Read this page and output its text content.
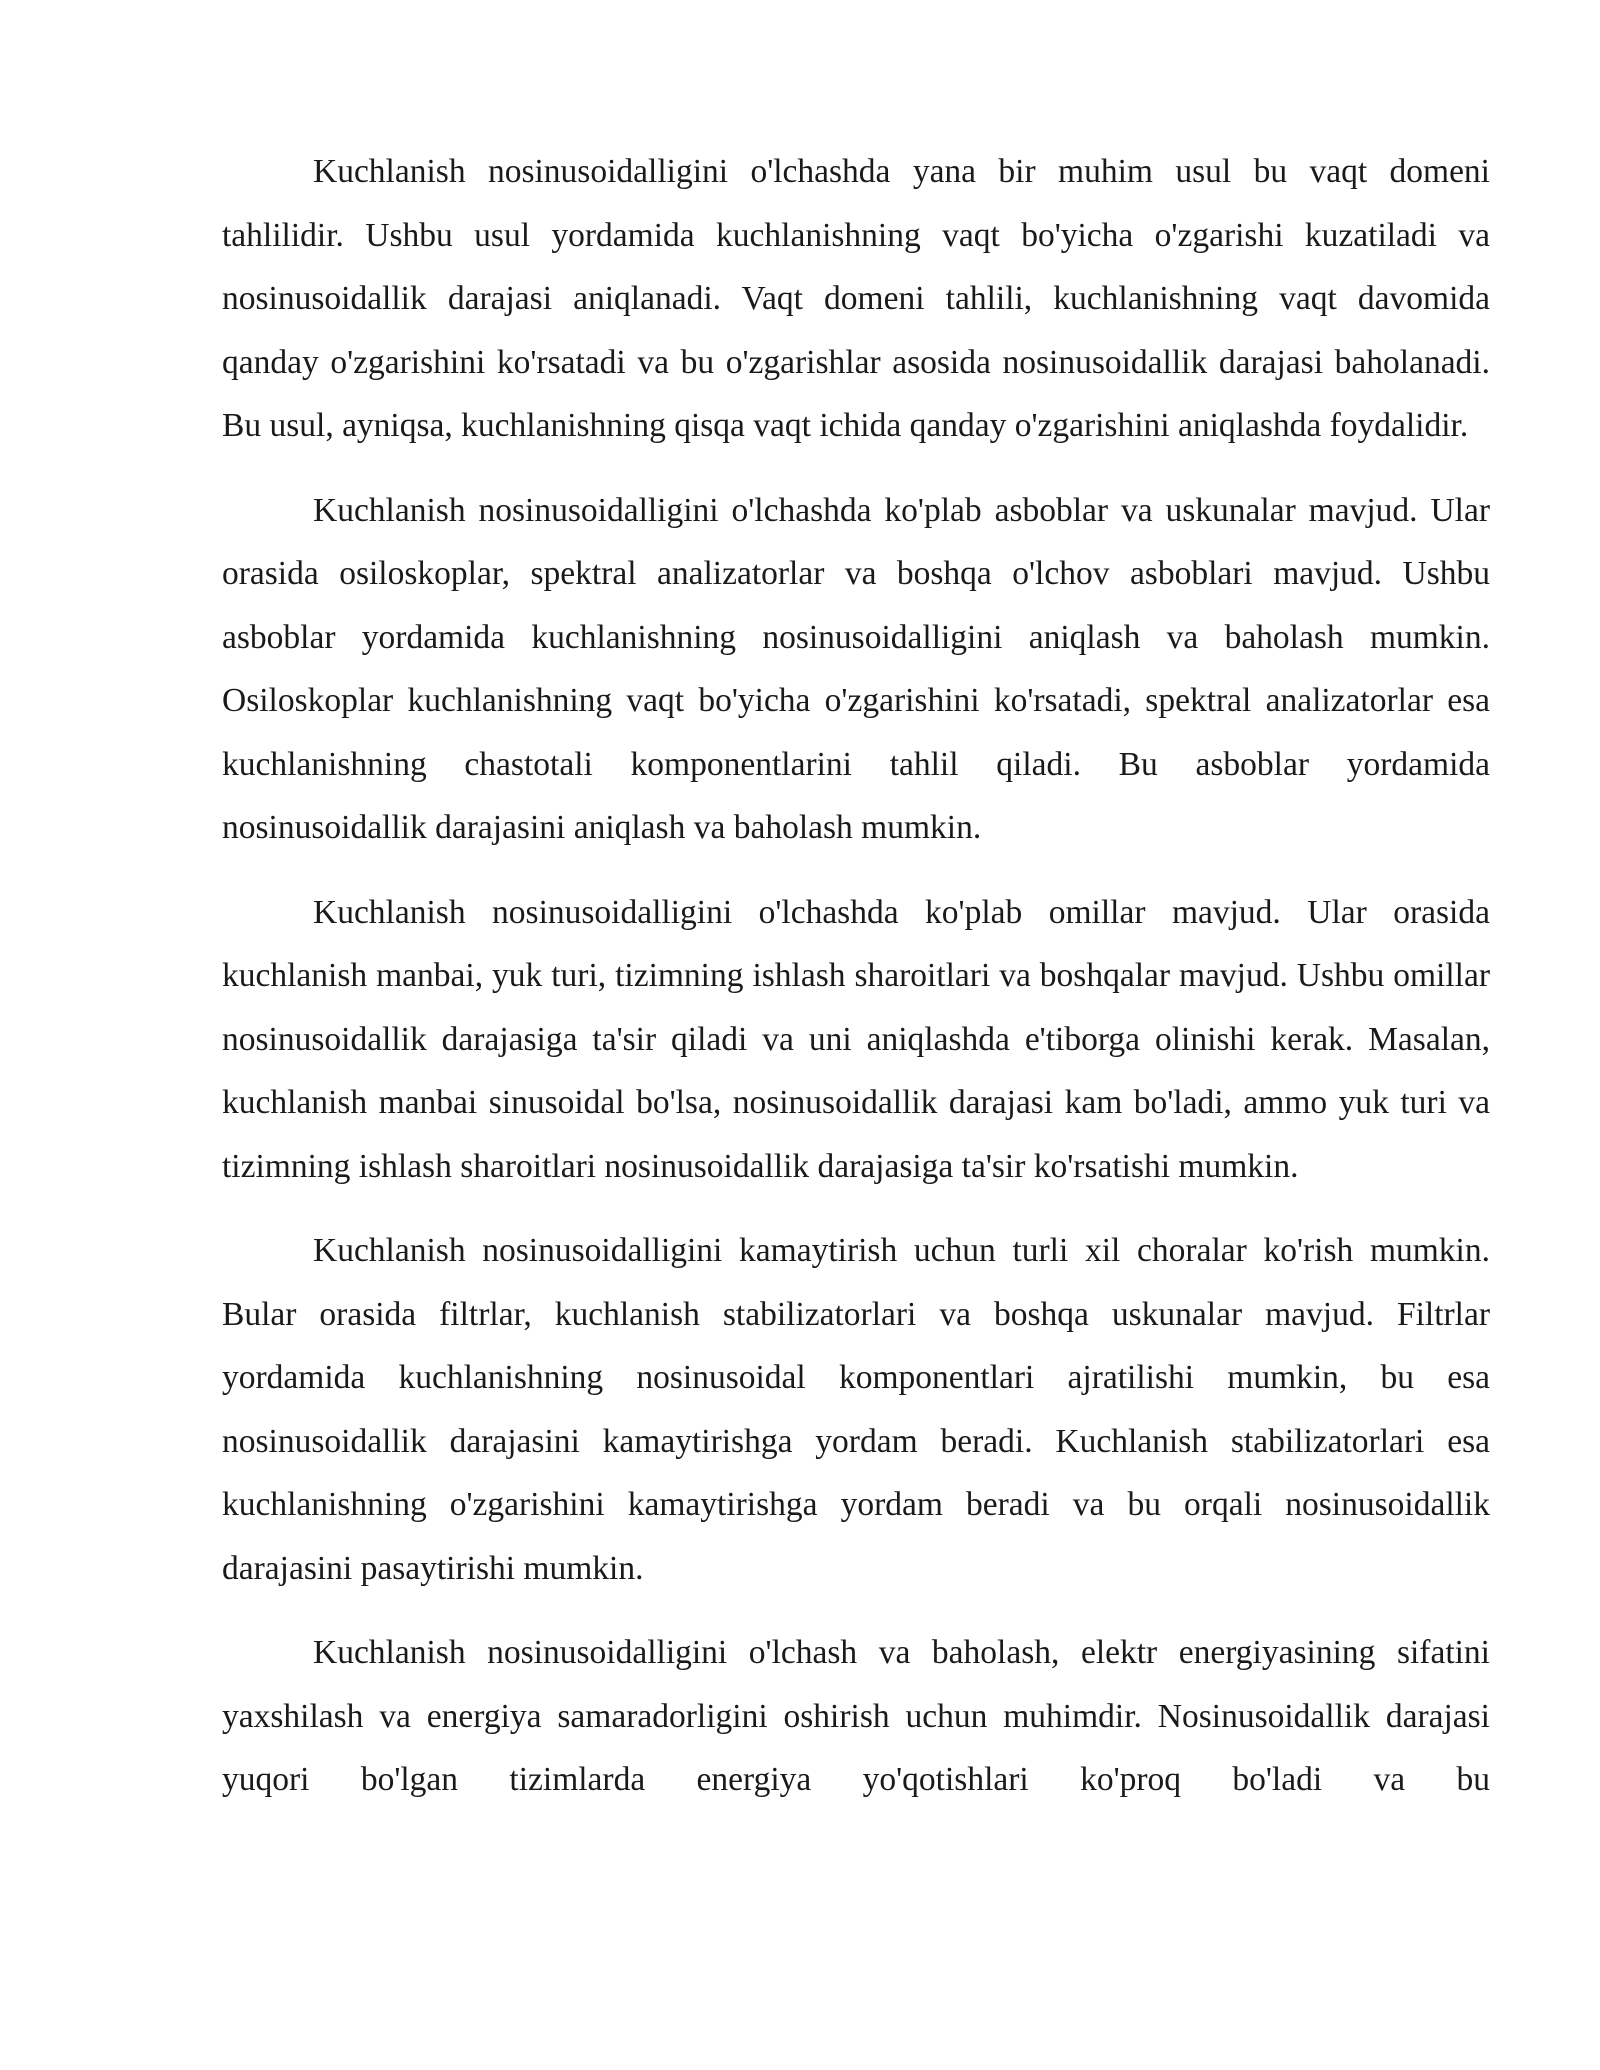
Kuchlanish nosinusoidalligini o'lchashda yana bir muhim usul bu vaqt domeni tahlilidir. Ushbu usul yordamida kuchlanishning vaqt bo'yicha o'zgarishi kuzatiladi va nosinusoidallik darajasi aniqlanadi. Vaqt domeni tahlili, kuchlanishning vaqt davomida qanday o'zgarishini ko'rsatadi va bu o'zgarishlar asosida nosinusoidallik darajasi baholanadi. Bu usul, ayniqsa, kuchlanishning qisqa vaqt ichida qanday o'zgarishini aniqlashda foydalidir.

Kuchlanish nosinusoidalligini o'lchashda ko'plab asboblar va uskunalar mavjud. Ular orasida osiloskoplar, spektral analizatorlar va boshqa o'lchov asboblari mavjud. Ushbu asboblar yordamida kuchlanishning nosinusoidalligini aniqlash va baholash mumkin. Osiloskoplar kuchlanishning vaqt bo'yicha o'zgarishini ko'rsatadi, spektral analizatorlar esa kuchlanishning chastotali komponentlarini tahlil qiladi. Bu asboblar yordamida nosinusoidallik darajasini aniqlash va baholash mumkin.

Kuchlanish nosinusoidalligini o'lchashda ko'plab omillar mavjud. Ular orasida kuchlanish manbai, yuk turi, tizimning ishlash sharoitlari va boshqalar mavjud. Ushbu omillar nosinusoidallik darajasiga ta'sir qiladi va uni aniqlashda e'tiborga olinishi kerak. Masalan, kuchlanish manbai sinusoidal bo'lsa, nosinusoidallik darajasi kam bo'ladi, ammo yuk turi va tizimning ishlash sharoitlari nosinusoidallik darajasiga ta'sir ko'rsatishi mumkin.

Kuchlanish nosinusoidalligini kamaytirish uchun turli xil choralar ko'rish mumkin. Bular orasida filtrlar, kuchlanish stabilizatorlari va boshqa uskunalar mavjud. Filtrlar yordamida kuchlanishning nosinusoidal komponentlari ajratilishi mumkin, bu esa nosinusoidallik darajasini kamaytirishga yordam beradi. Kuchlanish stabilizatorlari esa kuchlanishning o'zgarishini kamaytirishga yordam beradi va bu orqali nosinusoidallik darajasini pasaytirishi mumkin.

Kuchlanish nosinusoidalligini o'lchash va baholash, elektr energiyasining sifatini yaxshilash va energiya samaradorligini oshirish uchun muhimdir. Nosinusoidallik darajasi yuqori bo'lgan tizimlarda energiya yo'qotishlari ko'proq bo'ladi va bu
